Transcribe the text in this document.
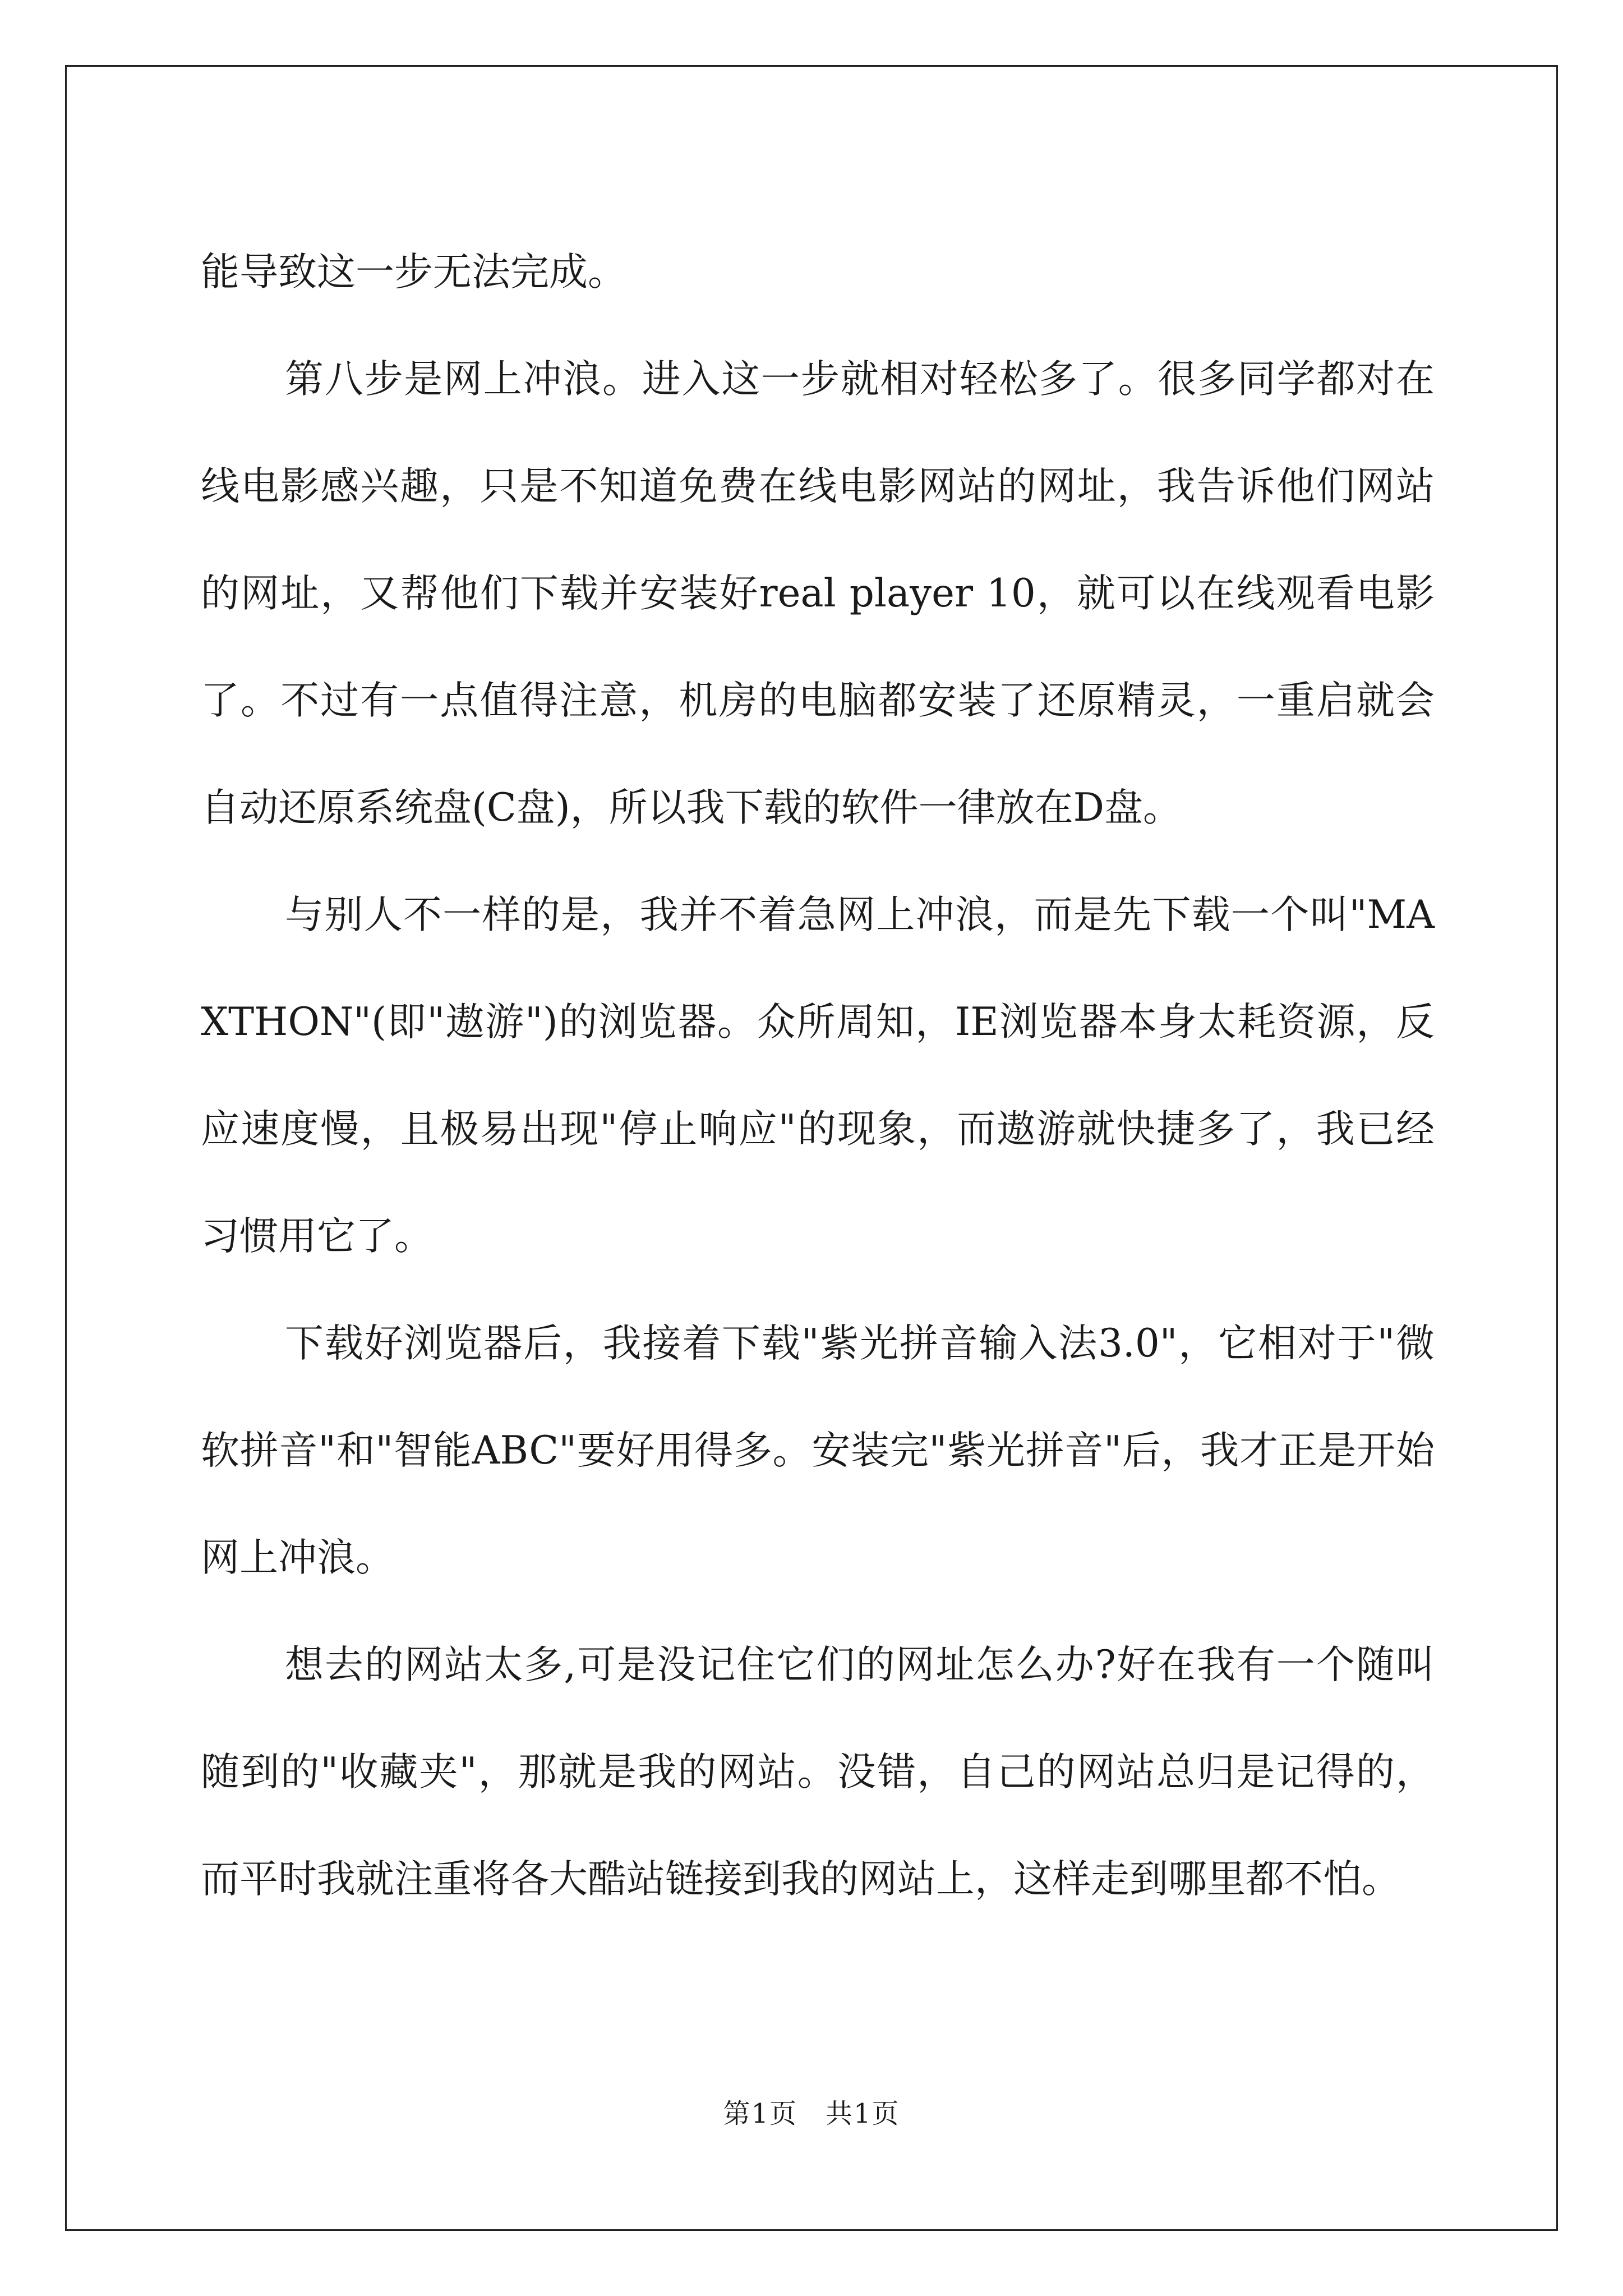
能导致这一步无法完成。

第八步是网上冲浪。进入这一步就相对轻松多了。很多同学都对在线电影感兴趣，只是不知道免费在线电影网站的网址，我告诉他们网站的网址，又帮他们下载并安装好real player 10，就可以在线观看电影了。不过有一点值得注意，机房的电脑都安装了还原精灵，一重启就会自动还原系统盘(C盘)，所以我下载的软件一律放在D盘。

与别人不一样的是，我并不着急网上冲浪，而是先下载一个叫"MAXTHON"(即"遨游")的浏览器。众所周知，IE浏览器本身太耗资源，反应速度慢，且极易出现"停止响应"的现象，而遨游就快捷多了，我已经习惯用它了。

下载好浏览器后，我接着下载"紫光拼音输入法3.0"，它相对于"微软拼音"和"智能ABC"要好用得多。安装完"紫光拼音"后，我才正是开始网上冲浪。

想去的网站太多,可是没记住它们的网址怎么办?好在我有一个随叫随到的"收藏夹"，那就是我的网站。没错，自己的网站总归是记得的，而平时我就注重将各大酷站链接到我的网站上，这样走到哪里都不怕。

第1页 共1页
